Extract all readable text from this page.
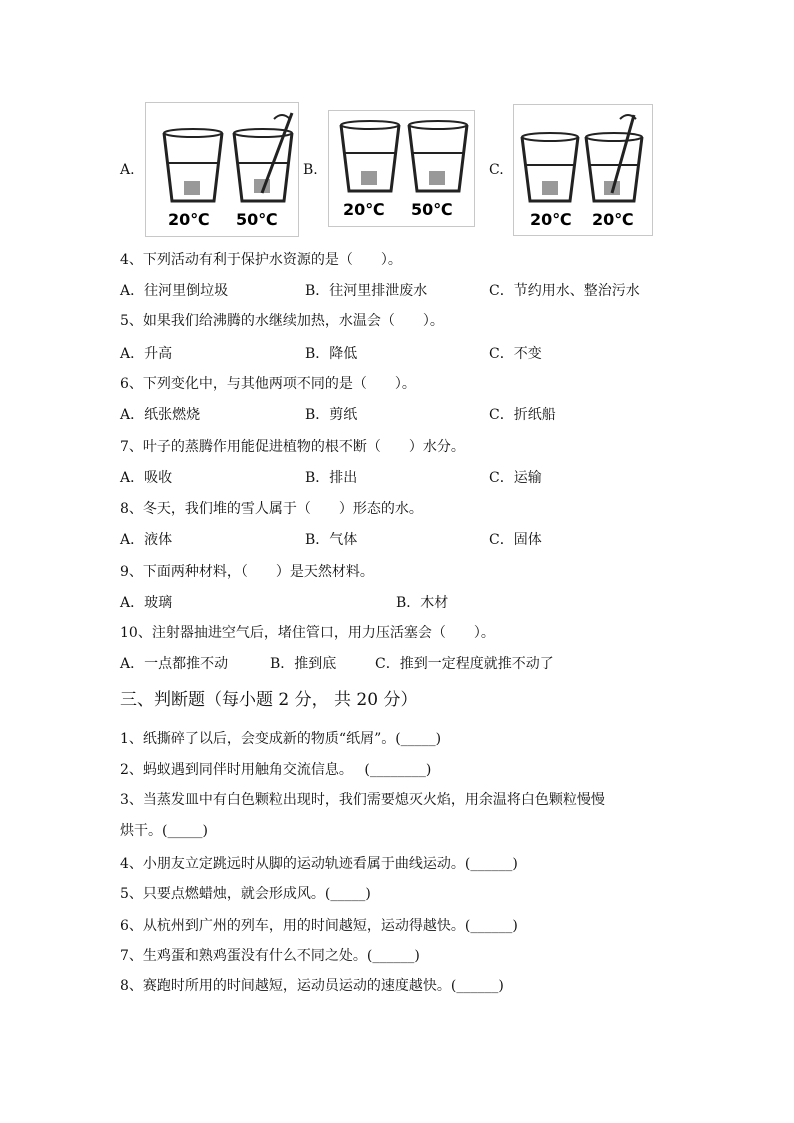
A.
20℃ 50℃
B.
20℃ 50℃
C.
20℃ 20℃
4、下列活动有利于保护水资源的是（　　）。
A．往河里倒垃圾	B．往河里排泄废水	C．节约用水、整治污水
5、如果我们给沸腾的水继续加热，水温会（　　）。
A．升高	B．降低	C．不变
6、下列变化中，与其他两项不同的是（　　）。
A．纸张燃烧	B．剪纸	C．折纸船
7、叶子的蒸腾作用能促进植物的根不断（　　）水分。
A．吸收	B．排出	C．运输
8、冬天，我们堆的雪人属于（　　）形态的水。
A．液体	B．气体	C．固体
9、下面两种材料，（　　）是天然材料。
A．玻璃	B．木材
10、注射器抽进空气后，堵住管口，用力压活塞会（　　）。
A．一点都推不动	B．推到底	C．推到一定程度就推不动了
三、判断题（每小题 2 分， 共 20 分）
1、纸撕碎了以后，会变成新的物质“纸屑”。(_____)
2、蚂蚁遇到同伴时用触角交流信息。　 (________)
3、当蒸发皿中有白色颗粒出现时，我们需要熄灭火焰，用余温将白色颗粒慢慢
烘干。(_____)
4、小朋友立定跳远时从脚的运动轨迹看属于曲线运动。(______)
5、只要点燃蜡烛，就会形成风。(_____)
6、从杭州到广州的列车，用的时间越短，运动得越快。(______)
7、生鸡蛋和熟鸡蛋没有什么不同之处。(______)
8、赛跑时所用的时间越短，运动员运动的速度越快。(______)
